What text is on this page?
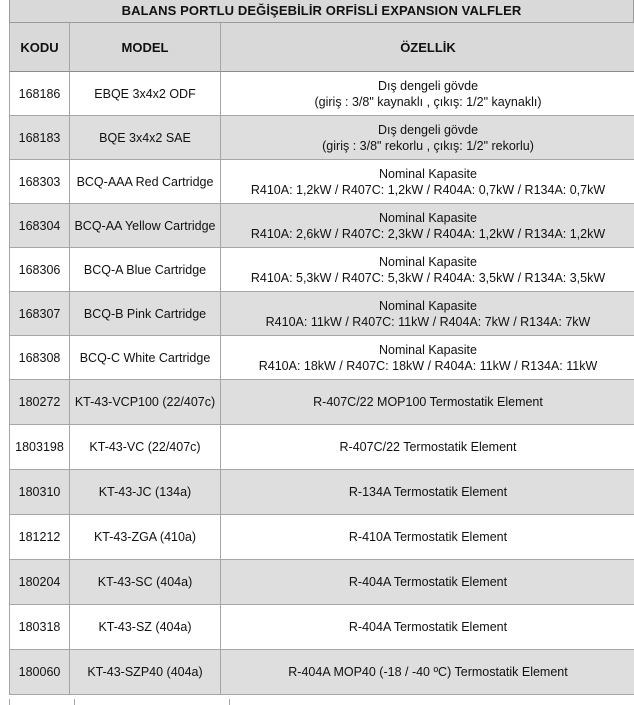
BALANS PORTLU DEĞİŞEBİLİR ORFİSLİ EXPANSION VALFLER
KODU	MODEL	ÖZELLİK
168186	EBQE 3x4x2 ODF	Dış dengeli gövde
(giriş : 3/8" kaynaklı , çıkış: 1/2" kaynaklı)

168183	BQE 3x4x2 SAE	Dış dengeli gövde
(giriş : 3/8" rekorlu , çıkış: 1/2" rekorlu)

168303	BCQ-AAA Red Cartridge	Nominal Kapasite
R410A: 1,2kW / R407C: 1,2kW / R404A: 0,7kW / R134A: 0,7kW

168304	BCQ-AA Yellow Cartridge	Nominal Kapasite
R410A: 2,6kW / R407C: 2,3kW / R404A: 1,2kW / R134A: 1,2kW

168306	BCQ-A Blue Cartridge	Nominal Kapasite
R410A: 5,3kW / R407C: 5,3kW / R404A: 3,5kW / R134A: 3,5kW

168307	BCQ-B Pink Cartridge	Nominal Kapasite
R410A: 11kW / R407C: 11kW / R404A: 7kW / R134A: 7kW

168308	BCQ-C White Cartridge	Nominal Kapasite
R410A: 18kW / R407C: 18kW / R404A: 11kW / R134A: 11kW

180272	KT-43-VCP100 (22/407c)	R-407C/22 MOP100 Termostatik Element

1803198	KT-43-VC (22/407c)	R-407C/22 Termostatik Element

180310	KT-43-JC (134a)	R-134A Termostatik Element

181212	KT-43-ZGA (410a)	R-410A Termostatik Element

180204	KT-43-SC (404a)	R-404A Termostatik Element

180318	KT-43-SZ (404a)	R-404A Termostatik Element

180060	KT-43-SZP40 (404a)	R-404A MOP40 (-18 / -40 ºC) Termostatik Element
